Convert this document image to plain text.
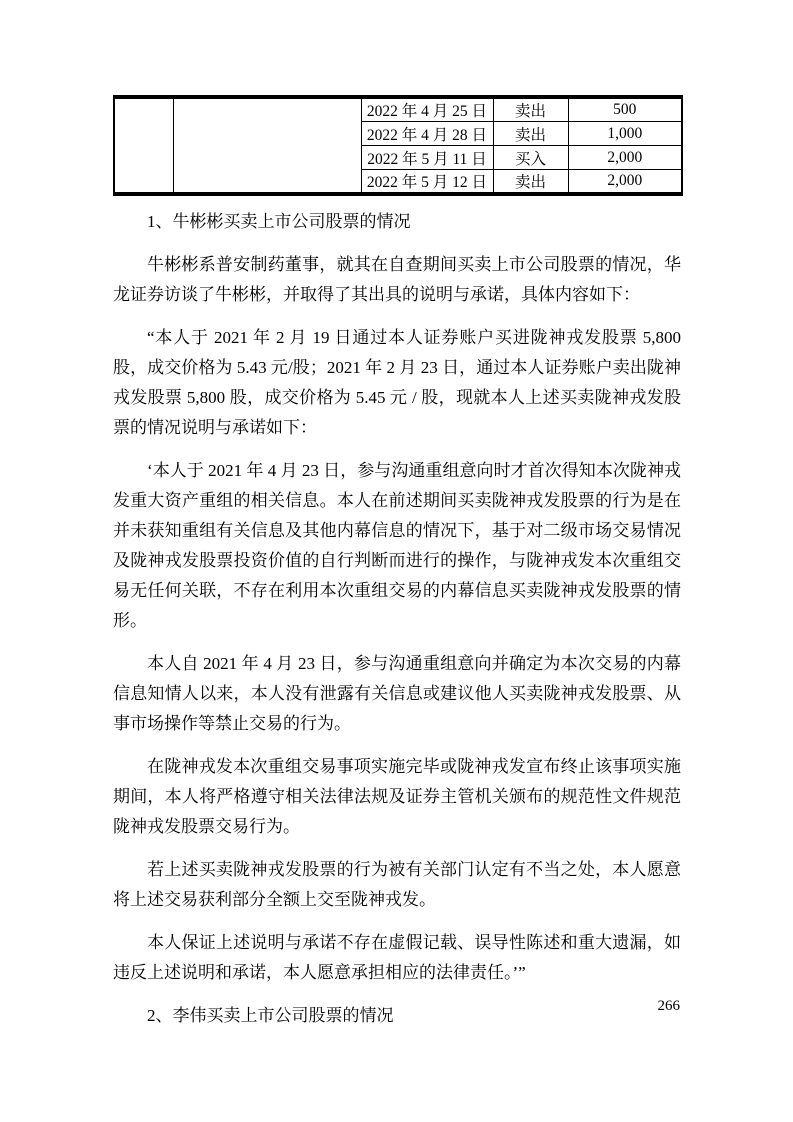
		2022 年 4 月 25 日	卖出	500
		2022 年 4 月 28 日	卖出	1,000
		2022 年 5 月 11 日	买入	2,000
		2022 年 5 月 12 日	卖出	2,000

1、牛彬彬买卖上市公司股票的情况

牛彬彬系普安制药董事，就其在自查期间买卖上市公司股票的情况，华龙证券访谈了牛彬彬，并取得了其出具的说明与承诺，具体内容如下：

“本人于 2021 年 2 月 19 日通过本人证券账户买进陇神戎发股票 5,800 股，成交价格为 5.43 元/股；2021 年 2 月 23 日，通过本人证券账户卖出陇神戎发股票 5,800 股，成交价格为 5.45 元 / 股，现就本人上述买卖陇神戎发股票的情况说明与承诺如下：

‘本人于 2021 年 4 月 23 日，参与沟通重组意向时才首次得知本次陇神戎发重大资产重组的相关信息。本人在前述期间买卖陇神戎发股票的行为是在并未获知重组有关信息及其他内幕信息的情况下，基于对二级市场交易情况及陇神戎发股票投资价值的自行判断而进行的操作，与陇神戎发本次重组交易无任何关联，不存在利用本次重组交易的内幕信息买卖陇神戎发股票的情形。

本人自 2021 年 4 月 23 日，参与沟通重组意向并确定为本次交易的内幕信息知情人以来，本人没有泄露有关信息或建议他人买卖陇神戎发股票、从事市场操作等禁止交易的行为。

在陇神戎发本次重组交易事项实施完毕或陇神戎发宣布终止该事项实施期间，本人将严格遵守相关法律法规及证券主管机关颁布的规范性文件规范陇神戎发股票交易行为。

若上述买卖陇神戎发股票的行为被有关部门认定有不当之处，本人愿意将上述交易获利部分全额上交至陇神戎发。

本人保证上述说明与承诺不存在虚假记载、误导性陈述和重大遗漏，如违反上述说明和承诺，本人愿意承担相应的法律责任。’”

2、李伟买卖上市公司股票的情况	266
